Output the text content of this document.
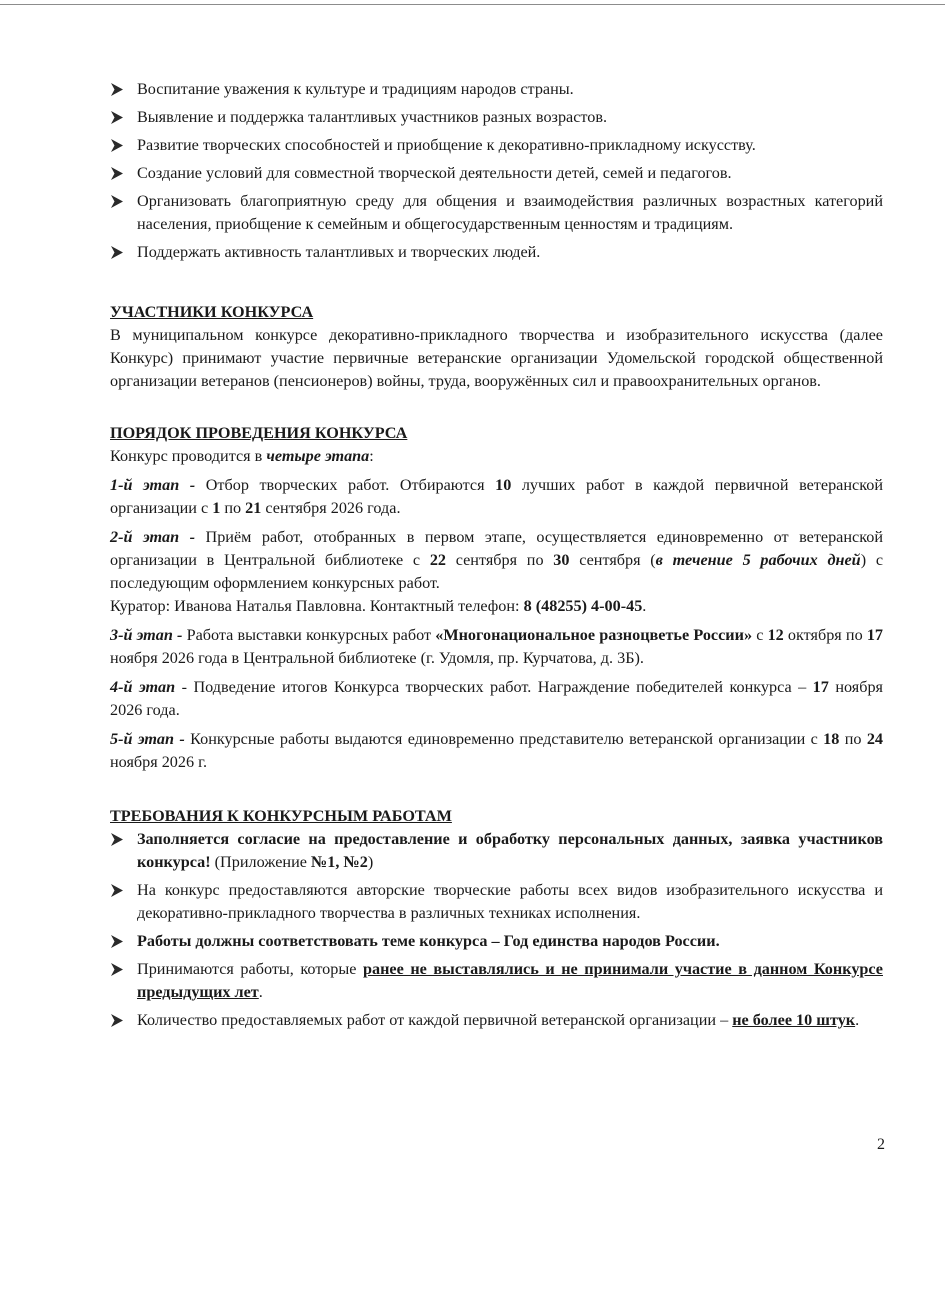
Воспитание уважения к культуре и традициям народов страны.
Выявление и поддержка талантливых участников разных возрастов.
Развитие творческих способностей и приобщение к декоративно-прикладному искусству.
Создание условий для совместной творческой деятельности детей, семей и педагогов.
Организовать благоприятную среду для общения и взаимодействия различных возрастных категорий населения, приобщение к семейным и общегосударственным ценностям и традициям.
Поддержать активность талантливых и творческих людей.
УЧАСТНИКИ КОНКУРСА

В муниципальном конкурсе декоративно-прикладного творчества и изобразительного искусства (далее Конкурс) принимают участие первичные ветеранские организации Удомельской городской общественной организации ветеранов (пенсионеров) войны, труда, вооружённых сил и правоохранительных органов.

ПОРЯДОК ПРОВЕДЕНИЯ КОНКУРСА

Конкурс проводится в четыре этапа:

1-й этап - Отбор творческих работ. Отбираются 10 лучших работ в каждой первичной ветеранской организации с 1 по 21 сентября 2026 года.

2-й этап - Приём работ, отобранных в первом этапе, осуществляется единовременно от ветеранской организации в Центральной библиотеке с 22 сентября по 30 сентября (в течение 5 рабочих дней) с последующим оформлением конкурсных работ.

Куратор: Иванова Наталья Павловна. Контактный телефон: 8 (48255) 4-00-45.

3-й этап - Работа выставки конкурсных работ «Многонациональное разноцветье России» с 12 октября по 17 ноября 2026 года в Центральной библиотеке (г. Удомля, пр. Курчатова, д. 3Б).

4-й этап - Подведение итогов Конкурса творческих работ. Награждение победителей конкурса – 17 ноября 2026 года.

5-й этап - Конкурсные работы выдаются единовременно представителю ветеранской организации с 18 по 24 ноября 2026 г.

ТРЕБОВАНИЯ К КОНКУРСНЫМ РАБОТАМ
Заполняется согласие на предоставление и обработку персональных данных, заявка участников конкурса! (Приложение №1, №2)
На конкурс предоставляются авторские творческие работы всех видов изобразительного искусства и декоративно-прикладного творчества в различных техниках исполнения.
Работы должны соответствовать теме конкурса – Год единства народов России.
Принимаются работы, которые ранее не выставлялись и не принимали участие в данном Конкурсе предыдущих лет.
Количество предоставляемых работ от каждой первичной ветеранской организации – не более 10 штук.
2
